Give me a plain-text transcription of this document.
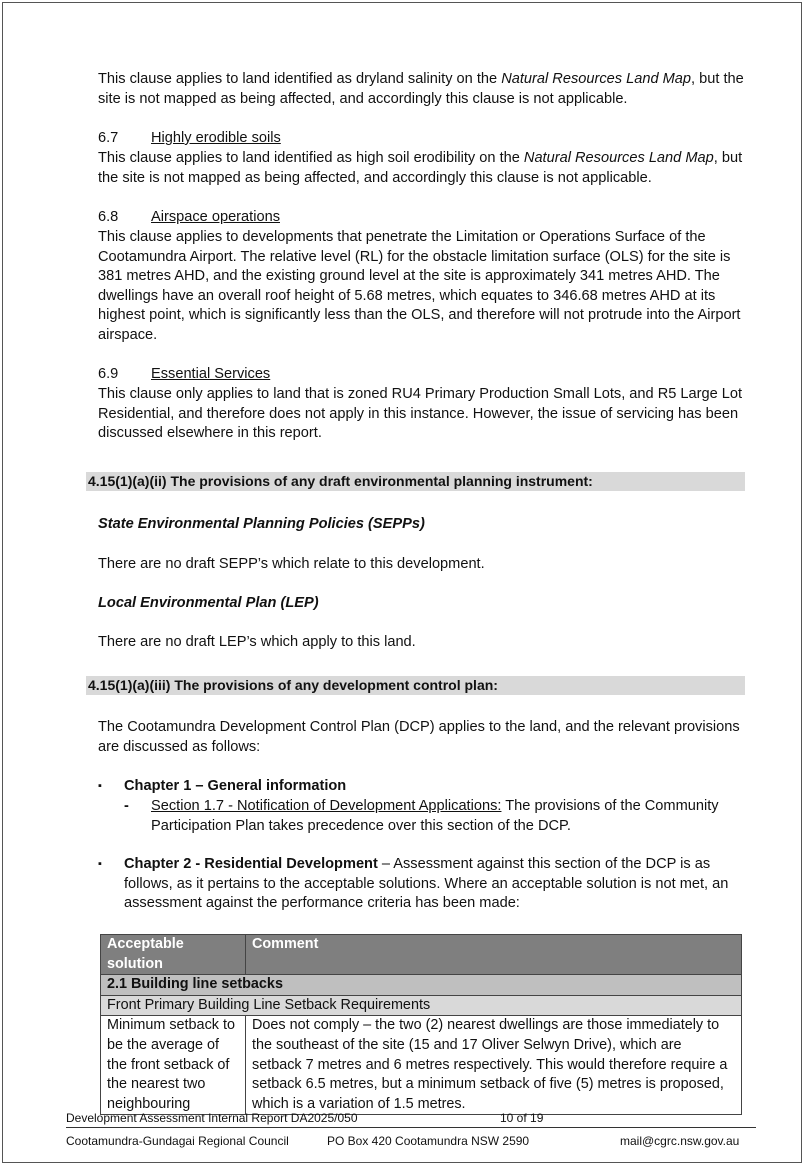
This clause applies to land identified as dryland salinity on the Natural Resources Land Map, but the site is not mapped as being affected, and accordingly this clause is not applicable.

6.7 Highly erodible soils

This clause applies to land identified as high soil erodibility on the Natural Resources Land Map, but the site is not mapped as being affected, and accordingly this clause is not applicable.

6.8 Airspace operations

This clause applies to developments that penetrate the Limitation or Operations Surface of the Cootamundra Airport. The relative level (RL) for the obstacle limitation surface (OLS) for the site is 381 metres AHD, and the existing ground level at the site is approximately 341 metres AHD. The dwellings have an overall roof height of 5.68 metres, which equates to 346.68 metres AHD at its highest point, which is significantly less than the OLS, and therefore will not protrude into the Airport airspace.

6.9 Essential Services

This clause only applies to land that is zoned RU4 Primary Production Small Lots, and R5 Large Lot Residential, and therefore does not apply in this instance. However, the issue of servicing has been discussed elsewhere in this report.

4.15(1)(a)(ii) The provisions of any draft environmental planning instrument:
State Environmental Planning Policies (SEPPs)
There are no draft SEPP’s which relate to this development.
Local Environmental Plan (LEP)
There are no draft LEP’s which apply to this land.
4.15(1)(a)(iii) The provisions of any development control plan:

The Cootamundra Development Control Plan (DCP) applies to the land, and the relevant provisions are discussed as follows:

▪ Chapter 1 – General information
- Section 1.7 - Notification of Development Applications: The provisions of the Community Participation Plan takes precedence over this section of the DCP.

▪ Chapter 2 - Residential Development – Assessment against this section of the DCP is as follows, as it pertains to the acceptable solutions. Where an acceptable solution is not met, an assessment against the performance criteria has been made:

Acceptable solution	Comment
2.1 Building line setbacks	
Front Primary Building Line Setback Requirements	
Minimum setback to be the average of the front setback of the nearest two neighbouring	Does not comply – the two (2) nearest dwellings are those immediately to the southeast of the site (15 and 17 Oliver Selwyn Drive), which are setback 7 metres and 6 metres respectively. This would therefore require a setback 6.5 metres, but a minimum setback of five (5) metres is proposed, which is a variation of 1.5 metres.
Development Assessment Internal Report DA2025/050	10 of 19
Cootamundra-Gundagai Regional Council	PO Box 420 Cootamundra NSW 2590	mail@cgrc.nsw.gov.au
